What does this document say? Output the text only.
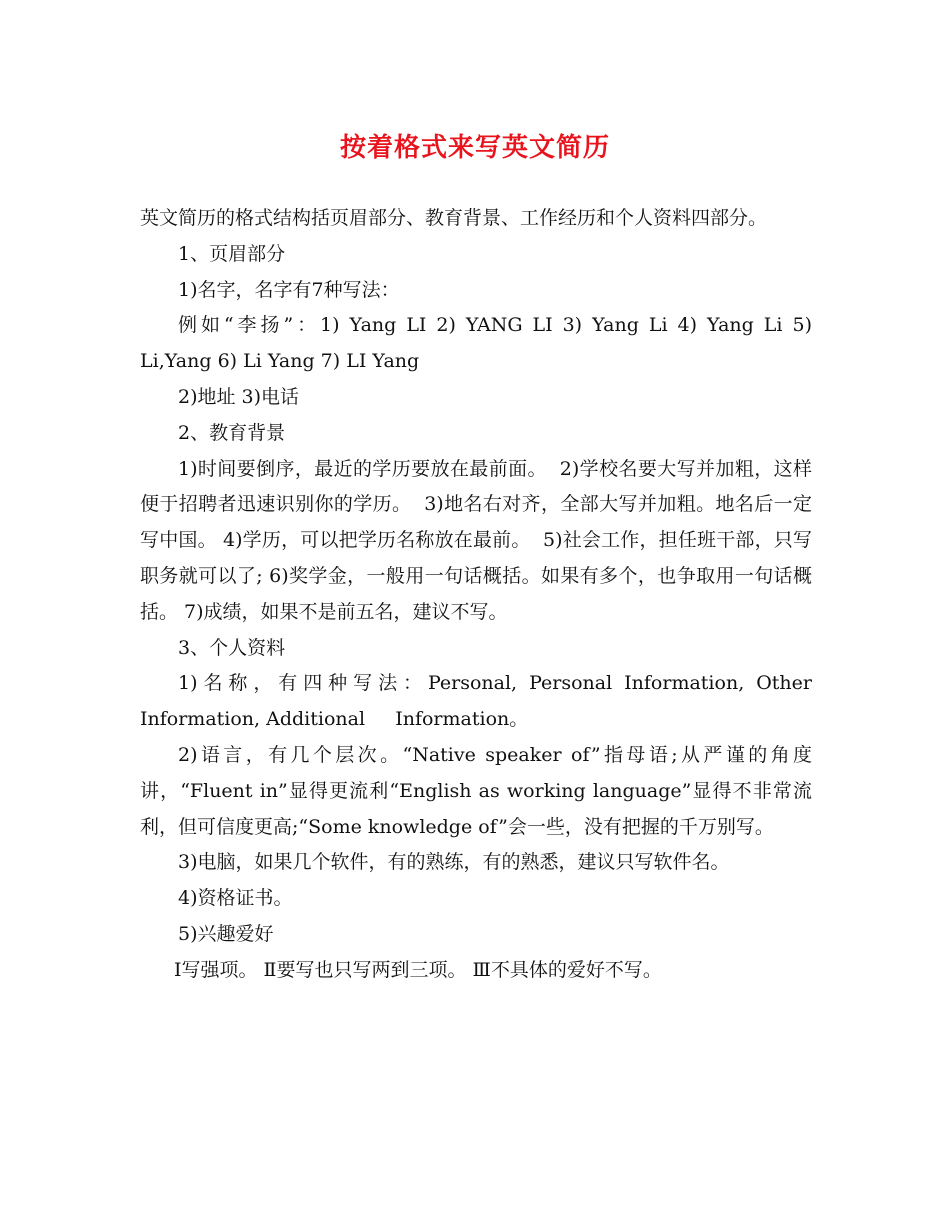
按着格式来写英文简历

英文简历的格式结构括页眉部分、教育背景、工作经历和个人资料四部分。

1、页眉部分

1)名字，名字有7种写法：

例如“李扬”：1) Yang LI 2) YANG LI 3) Yang Li 4) Yang Li 5) Li,Yang 6) Li Yang 7) LI Yang

2)地址 3)电话

2、教育背景

1)时间要倒序，最近的学历要放在最前面。  2)学校名要大写并加粗，这样便于招聘者迅速识别你的学历。  3)地名右对齐，全部大写并加粗。地名后一定写中国。 4)学历，可以把学历名称放在最前。  5)社会工作，担任班干部，只写职务就可以了; 6)奖学金，一般用一句话概括。如果有多个，也争取用一句话概括。 7)成绩，如果不是前五名，建议不写。

3、个人资料

1)名称，有四种写法：Personal, Personal Information, Other Information, Additional     Information。

2)语言，有几个层次。“Native speaker of”指母语;从严谨的角度讲，“Fluent in”显得更流利“English as working language”显得不非常流利，但可信度更高;“Some knowledge of”会一些，没有把握的千万别写。

3)电脑，如果几个软件，有的熟练，有的熟悉，建议只写软件名。

4)资格证书。

5)兴趣爱好

Ⅰ写强项。 Ⅱ要写也只写两到三项。 Ⅲ不具体的爱好不写。
